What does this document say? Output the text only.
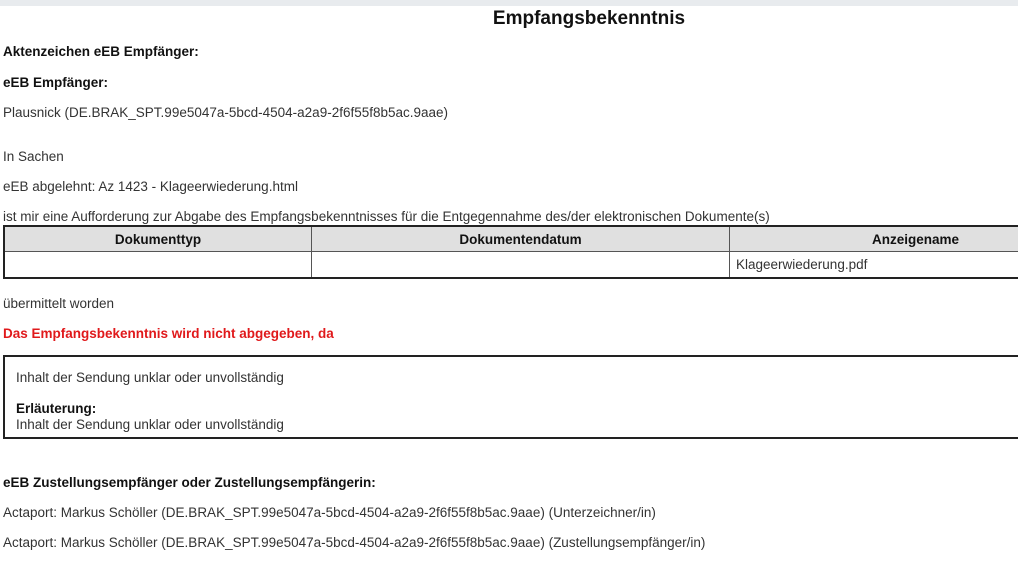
Empfangsbekenntnis

Aktenzeichen eEB Empfänger:

eEB Empfänger:

Plausnick (DE.BRAK_SPT.99e5047a-5bcd-4504-a2a9-2f6f55f8b5ac.9aae)

In Sachen

eEB abgelehnt: Az 1423 - Klageerwiederung.html

ist mir eine Aufforderung zur Abgabe des Empfangsbekenntnisses für die Entgegennahme des/der elektronischen Dokumente(s)

Dokumenttyp	Dokumentendatum	Anzeigename
		Klageerwiederung.pdf

übermittelt worden

Das Empfangsbekenntnis wird nicht abgegeben, da

Inhalt der Sendung unklar oder unvollständig

Erläuterung:

Inhalt der Sendung unklar oder unvollständig

eEB Zustellungsempfänger oder Zustellungsempfängerin:

Actaport: Markus Schöller (DE.BRAK_SPT.99e5047a-5bcd-4504-a2a9-2f6f55f8b5ac.9aae) (Unterzeichner/in)

Actaport: Markus Schöller (DE.BRAK_SPT.99e5047a-5bcd-4504-a2a9-2f6f55f8b5ac.9aae) (Zustellungsempfänger/in)
